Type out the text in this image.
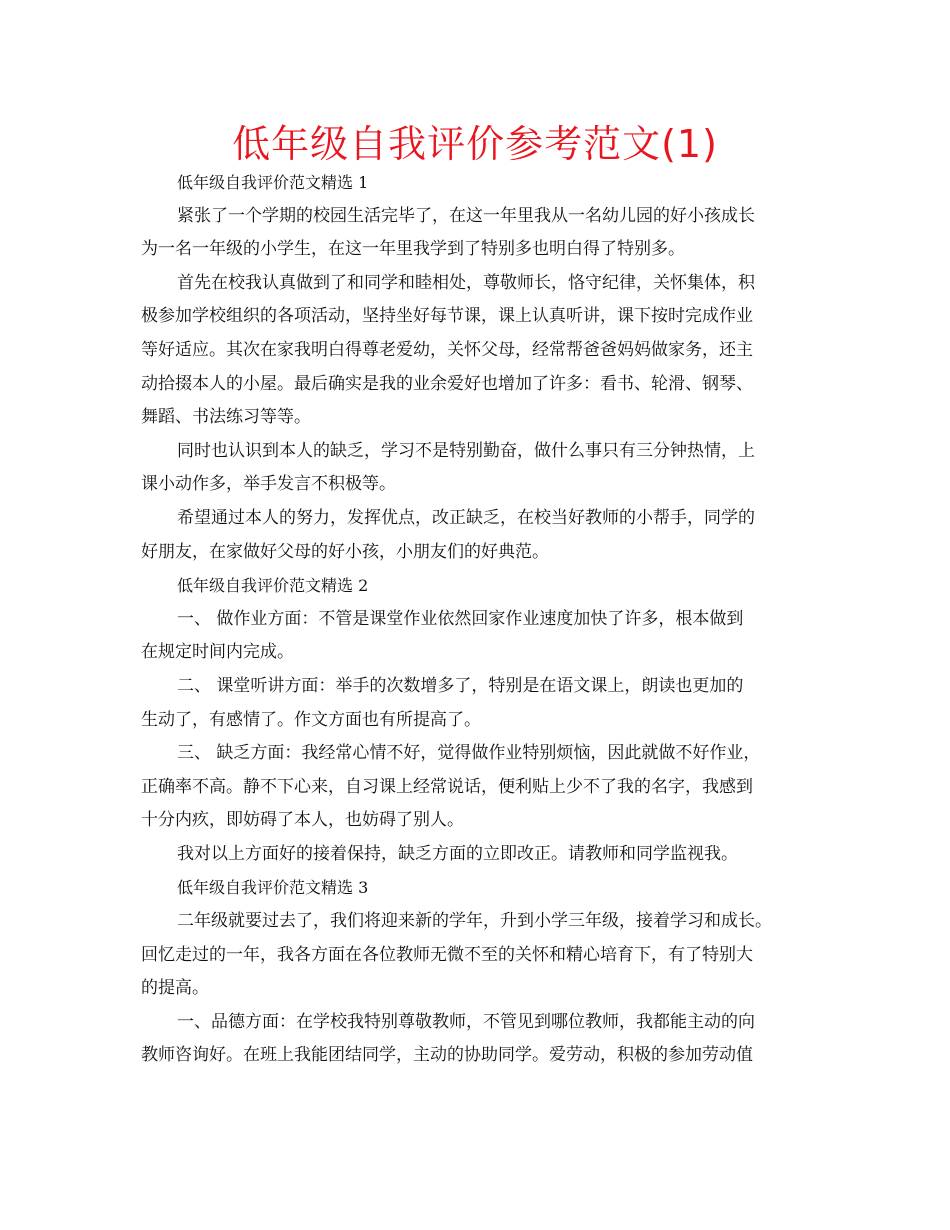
低年级自我评价参考范文(1)
低年级自我评价范文精选 1
紧张了一个学期的校园生活完毕了，在这一年里我从一名幼儿园的好小孩成长
为一名一年级的小学生，在这一年里我学到了特别多也明白得了特别多。
首先在校我认真做到了和同学和睦相处，尊敬师长，恪守纪律，关怀集体，积
极参加学校组织的各项活动，坚持坐好每节课，课上认真听讲，课下按时完成作业
等好适应。其次在家我明白得尊老爱幼，关怀父母，经常帮爸爸妈妈做家务，还主
动拾掇本人的小屋。最后确实是我的业余爱好也增加了许多：看书、轮滑、钢琴、
舞蹈、书法练习等等。
同时也认识到本人的缺乏，学习不是特别勤奋，做什么事只有三分钟热情，上
课小动作多，举手发言不积极等。
希望通过本人的努力，发挥优点，改正缺乏，在校当好教师的小帮手，同学的
好朋友，在家做好父母的好小孩，小朋友们的好典范。
低年级自我评价范文精选 2
一、 做作业方面：不管是课堂作业依然回家作业速度加快了许多，根本做到
在规定时间内完成。
二、 课堂听讲方面：举手的次数增多了，特别是在语文课上，朗读也更加的
生动了，有感情了。作文方面也有所提高了。
三、 缺乏方面：我经常心情不好，觉得做作业特别烦恼，因此就做不好作业，
正确率不高。静不下心来，自习课上经常说话，便利贴上少不了我的名字，我感到
十分内疚，即妨碍了本人，也妨碍了别人。
我对以上方面好的接着保持，缺乏方面的立即改正。请教师和同学监视我。
低年级自我评价范文精选 3
二年级就要过去了，我们将迎来新的学年，升到小学三年级，接着学习和成长。
回忆走过的一年，我各方面在各位教师无微不至的关怀和精心培育下，有了特别大
的提高。
一、品德方面：在学校我特别尊敬教师，不管见到哪位教师，我都能主动的向
教师咨询好。在班上我能团结同学，主动的协助同学。爱劳动，积极的参加劳动值
